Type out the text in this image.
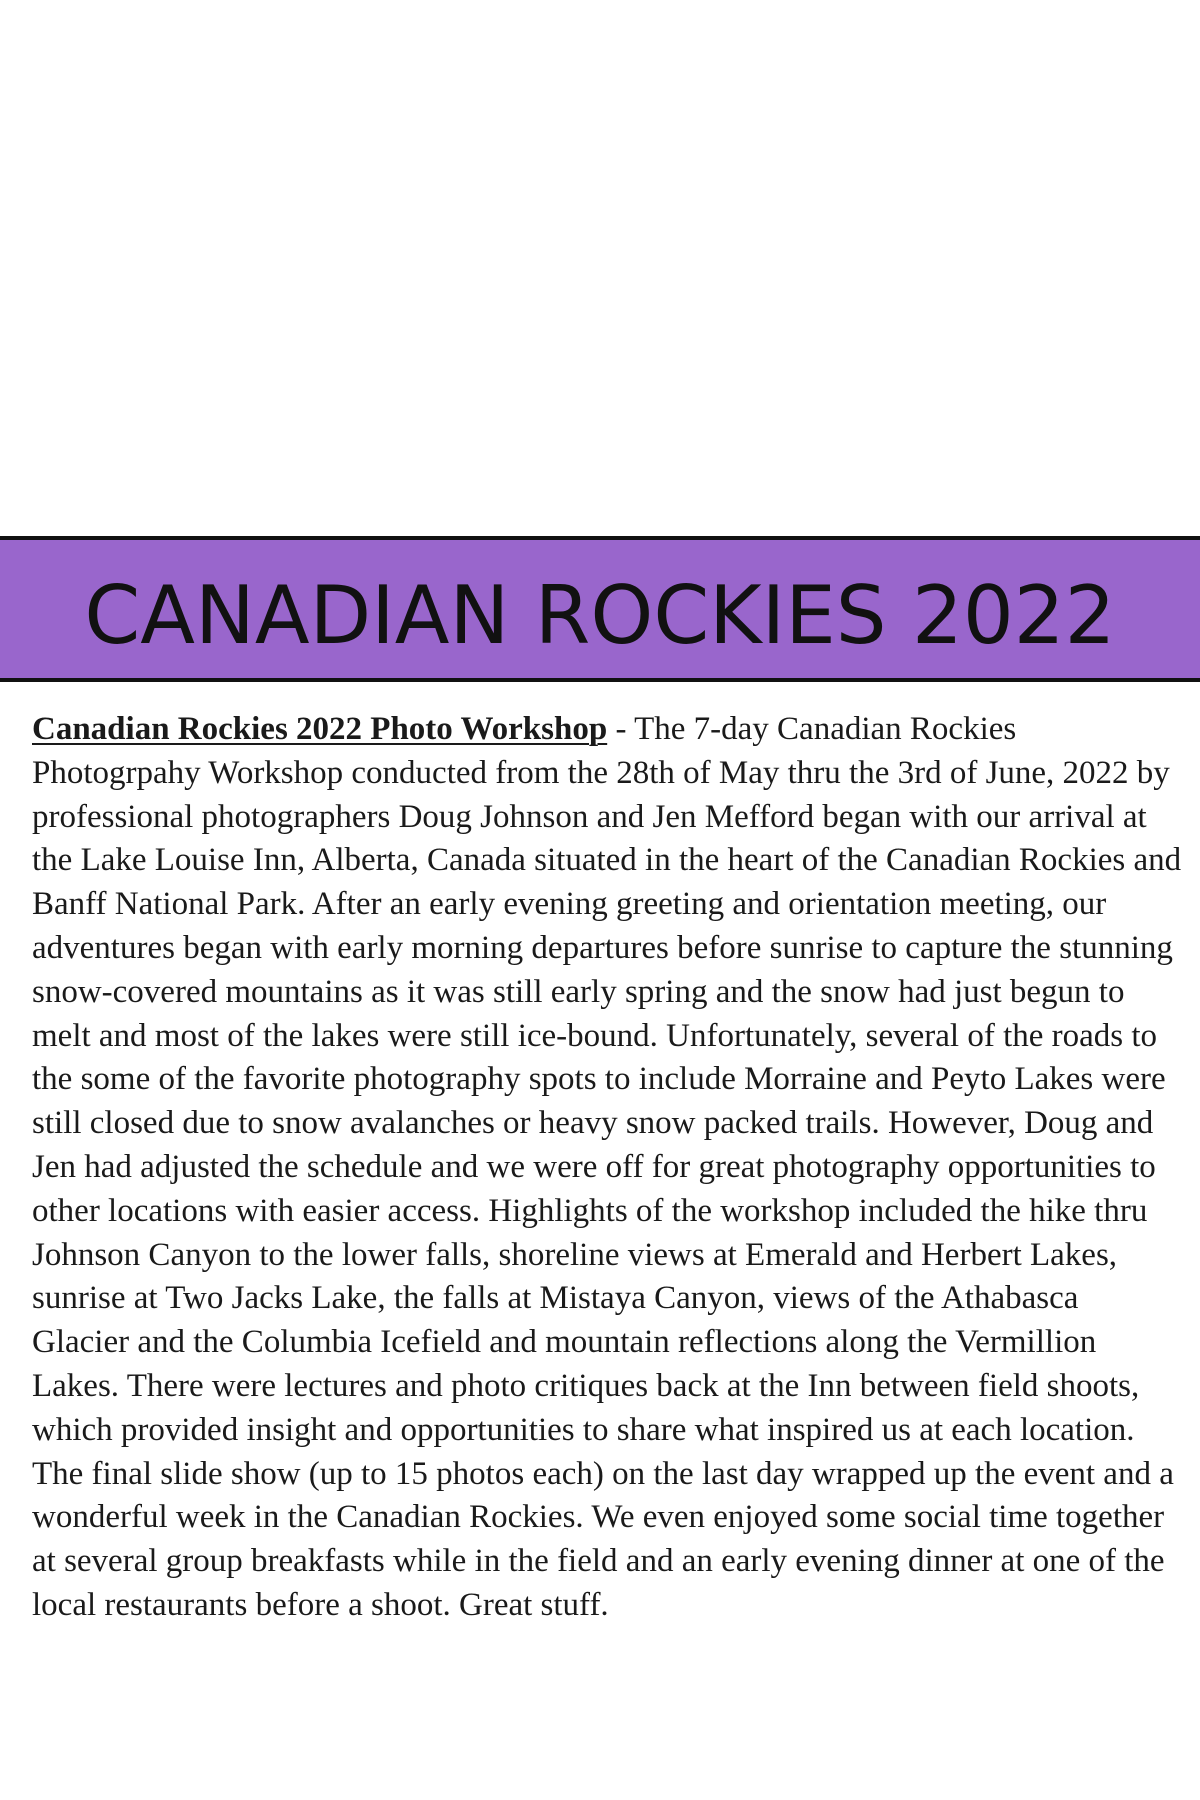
CANADIAN ROCKIES 2022
Canadian Rockies 2022 Photo Workshop - The 7-day Canadian Rockies Photogrpahy Workshop conducted from the 28th of May thru the 3rd of June, 2022 by professional photographers Doug Johnson and Jen Mefford began with our arrival at the Lake Louise Inn, Alberta, Canada situated in the heart of the Canadian Rockies and Banff National Park. After an early evening greeting and orientation meeting, our adventures began with early morning departures before sunrise to capture the stunning snow-covered mountains as it was still early spring and the snow had just begun to melt and most of the lakes were still ice-bound. Unfortunately, several of the roads to the some of the favorite photography spots to include Morraine and Peyto Lakes were still closed due to snow avalanches or heavy snow packed trails. However, Doug and Jen had adjusted the schedule and we were off for great photography opportunities to other locations with easier access. Highlights of the workshop included the hike thru Johnson Canyon to the lower falls, shoreline views at Emerald and Herbert Lakes, sunrise at Two Jacks Lake, the falls at Mistaya Canyon, views of the Athabasca Glacier and the Columbia Icefield and mountain reflections along the Vermillion Lakes. There were lectures and photo critiques back at the Inn between field shoots, which provided insight and opportunities to share what inspired us at each location. The final slide show (up to 15 photos each) on the last day wrapped up the event and a wonderful week in the Canadian Rockies. We even enjoyed some social time together at several group breakfasts while in the field and an early evening dinner at one of the local restaurants before a shoot. Great stuff.
